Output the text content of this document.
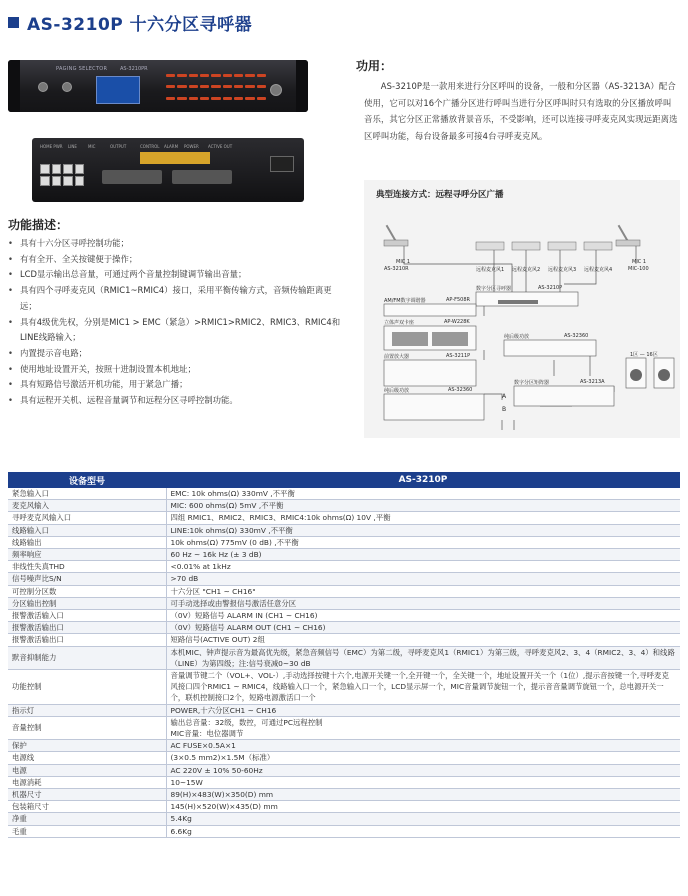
AS-3210P 十六分区寻呼器
PAGING SELECTOR	AS-3210PR
HOME PWR LINE	MIC	OUTPUT	CONTROL ALARM POWER ACTIVE OUT
功用：

AS-3210P是一款用来进行分区呼叫的设备，一般和分区器（AS-3213A）配合使用，它可以对16个广播分区进行呼叫当进行分区呼叫时只有选取的分区播放呼叫音乐，其它分区正常播放背景音乐，不受影响，还可以连接寻呼麦克风实现远距离选区呼叫功能，每台设备最多可接4台寻呼麦克风。

功能描述：
• 具有十六分区寻呼控制功能；
• 有有全开、全关按键便于操作；
• LCD显示输出总音量，可通过两个音量控制键调节输出音量；
• 具有四个寻呼麦克风（RMIC1~RMIC4）接口，采用平衡传输方式，音频传输距离更远；
• 具有4级优先权，分别是MIC1 > EMC（紧急）>RMIC1>RMIC2、RMIC3、RMIC4和LINE线路输入；
• 内置提示音电路；
• 使用地址设置开关，按照十进制设置本机地址；
• 具有短路信号激活开机功能，用于紧急广播；
• 具有远程开关机、远程音量调节和远程分区寻呼控制功能。
典型连接方式：远程寻呼分区广播
MIC 1
AS-3210R	远程麦克风1 远程麦克风2 远程麦克风3 远程麦克风4
MIC 1
MIC-100
数字分区寻呼器	AS-3210P
AM/FM数字调谐器	AP-F508R
立体声双卡座	AP-W228K
前置放大器	AS-3211P
纯后级功放	AS-32360
纯后级功放	AS-32360
数字分区矩阵器	AS-3213A
1区 — 16区
A
B
设备型号	AS-3210P
紧急输入口	EMC: 10k ohms(Ω) 330mV ,不平衡
麦克风输入	MIC: 600 ohms(Ω) 5mV ,不平衡
寻呼麦克风输入口	四组 RMIC1、RMIC2、RMIC3、RMIC4:10k ohms(Ω) 10V ,平衡
线路输入口	LINE:10k ohms(Ω) 330mV ,不平衡
线路输出	10k ohms(Ω) 775mV (0 dB) ,不平衡
频率响应	60 Hz ~ 16k Hz (± 3 dB)
非线性失真THD	<0.01% at 1kHz
信号噪声比S/N	>70 dB
可控制分区数	十六分区 "CH1 ~ CH16"
分区输出控制	可手动选择或由警报信号激活任意分区
报警激活输入口	（0V）短路信号 ALARM IN (CH1 ~ CH16)
报警激活输出口	（0V）短路信号 ALARM OUT (CH1 ~ CH16)
报警激活输出口	短路信号(ACTIVE OUT) 2组
默音抑制能力	本机MIC、钟声提示音为最高优先级，紧急音频信号（EMC）为第二级，寻呼麦克风1（RMIC1）为第三级，寻呼麦克风2、3、4（RMIC2、3、4）和线路（LINE）为第四级；注:信号衰减0~30 dB
功能控制	音量调节键二个（VOL+、VOL-）,手动选择按键十六个,电源开关键一个,全开键一个，全关键一个，地址设置开关一个（1位）,提示音按键一个,寻呼麦克风接口四个RMIC1 ~ RMIC4，线路输入口一个，紧急输入口一个，LCD显示屏一个，MIC音量调节旋钮一个，提示音音量调节旋钮一个，总电源开关一个，联机控制接口2个，短路电源激活口一个
指示灯	POWER,十六分区CH1 ~ CH16
音量控制	输出总音量：32级，数控，可通过PC远程控制
MIC音量：电位器调节
保护	AC FUSE×0.5A×1
电源线	(3×0.5 mm2)×1.5M（标准）
电源	AC 220V ± 10% 50-60Hz
电源消耗	10~15W
机器尺寸	89(H)×483(W)×350(D) mm
包装箱尺寸	145(H)×520(W)×435(D) mm
净重	5.4Kg
毛重	6.6Kg
